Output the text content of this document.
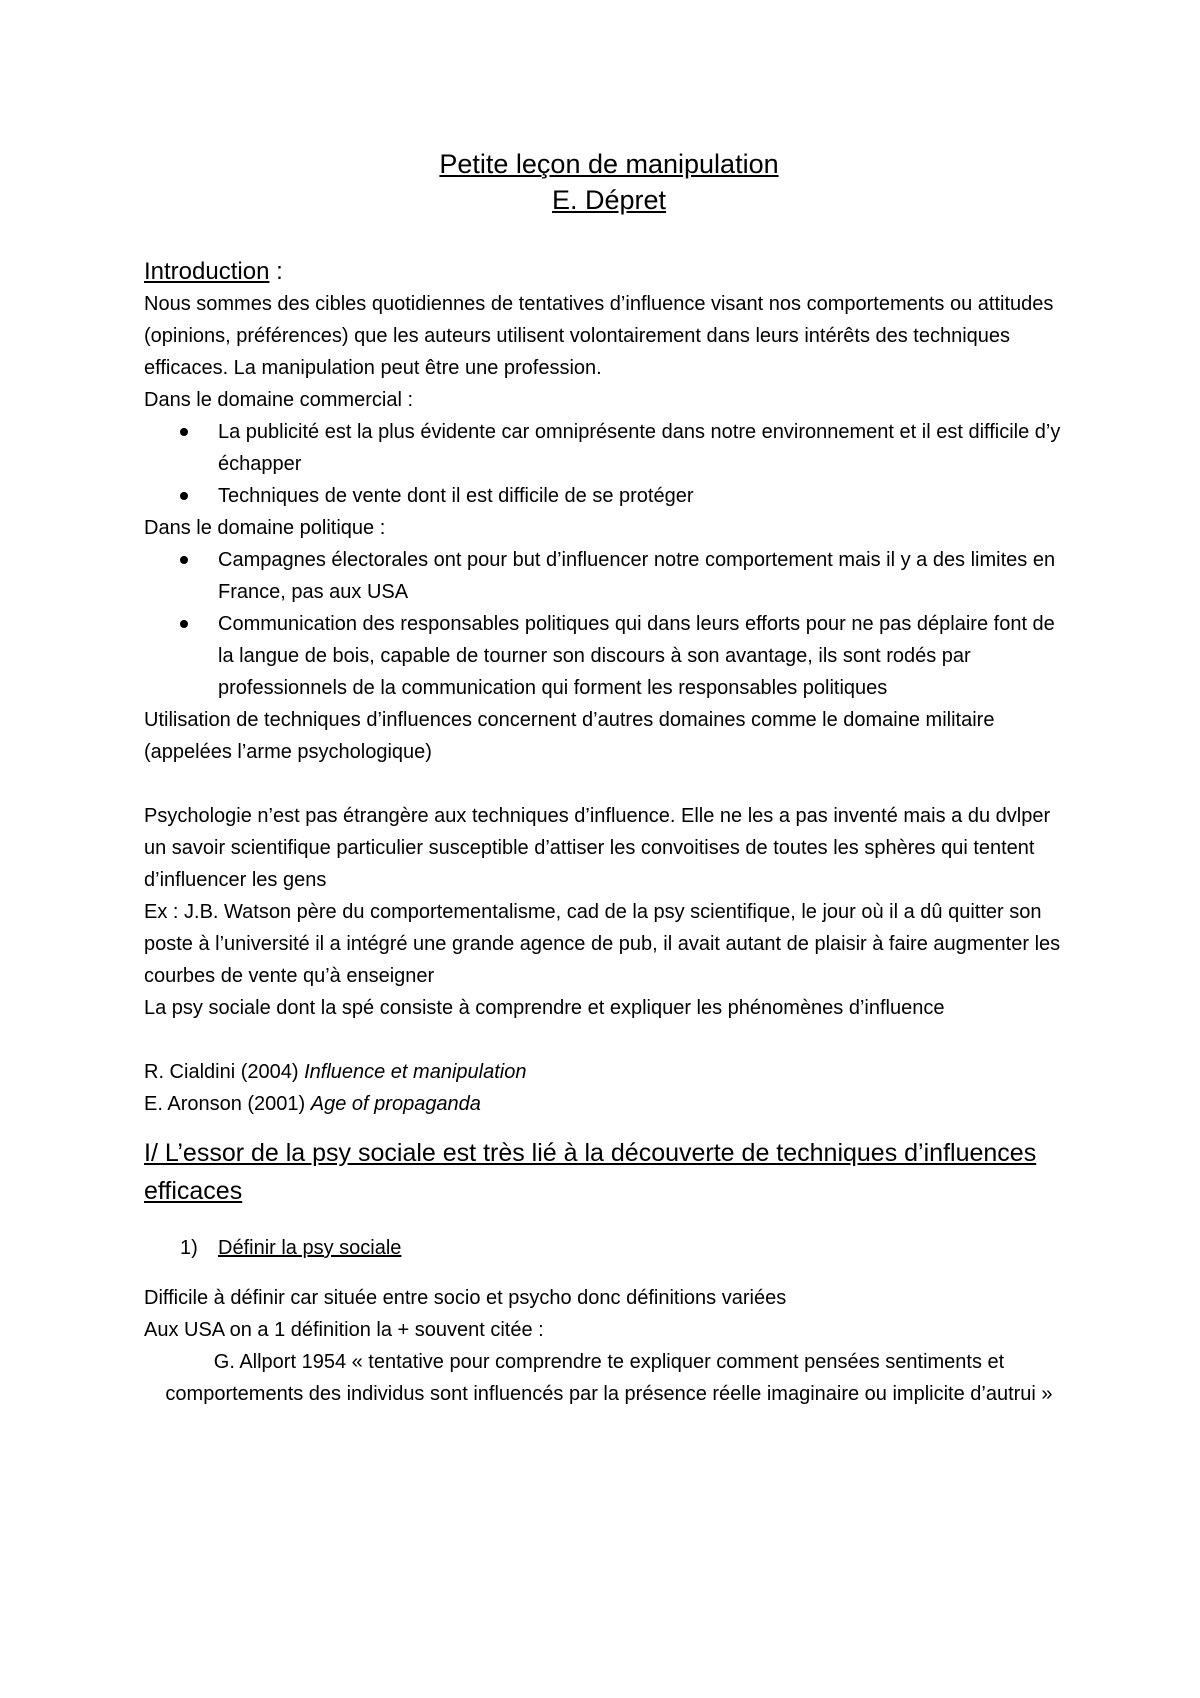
Petite leçon de manipulation
E. Dépret
Introduction :

Nous sommes des cibles quotidiennes de tentatives d’influence visant nos comportements ou attitudes (opinions, préférences) que les auteurs utilisent volontairement dans leurs intérêts des techniques efficaces. La manipulation peut être une profession.

Dans le domaine commercial :

La publicité est la plus évidente car omniprésente dans notre environnement et il est difficile d’y échapper
Techniques de vente dont il est difficile de se protéger

Dans le domaine politique :

Campagnes électorales ont pour but d’influencer notre comportement mais il y a des limites en France, pas aux USA
Communication des responsables politiques qui dans leurs efforts pour ne pas déplaire font de la langue de bois, capable de tourner son discours à son avantage, ils sont rodés par professionnels de la communication qui forment les responsables politiques

Utilisation de techniques d’influences concernent d’autres domaines comme le domaine militaire (appelées l’arme psychologique)

Psychologie n’est pas étrangère aux techniques d’influence. Elle ne les a pas inventé mais a du dvlper un savoir scientifique particulier susceptible d’attiser les convoitises de toutes les sphères qui tentent d’influencer les gens

Ex : J.B. Watson père du comportementalisme, cad de la psy scientifique, le jour où il a dû quitter son poste à l’université il a intégré une grande agence de pub, il avait autant de plaisir à faire augmenter les courbes de vente qu’à enseigner

La psy sociale dont la spé consiste à comprendre et expliquer les phénomènes d’influence

R. Cialdini (2004) Influence et manipulation

E. Aronson (2001) Age of propaganda

I/ L’essor de la psy sociale est très lié à la découverte de techniques d’influences efficaces
1) Définir la psy sociale

Difficile à définir car située entre socio et psycho donc définitions variées

Aux USA on a 1 définition la + souvent citée :

G. Allport 1954 « tentative pour comprendre te expliquer comment pensées sentiments et comportements des individus sont influencés par la présence réelle imaginaire ou implicite d’autrui »
